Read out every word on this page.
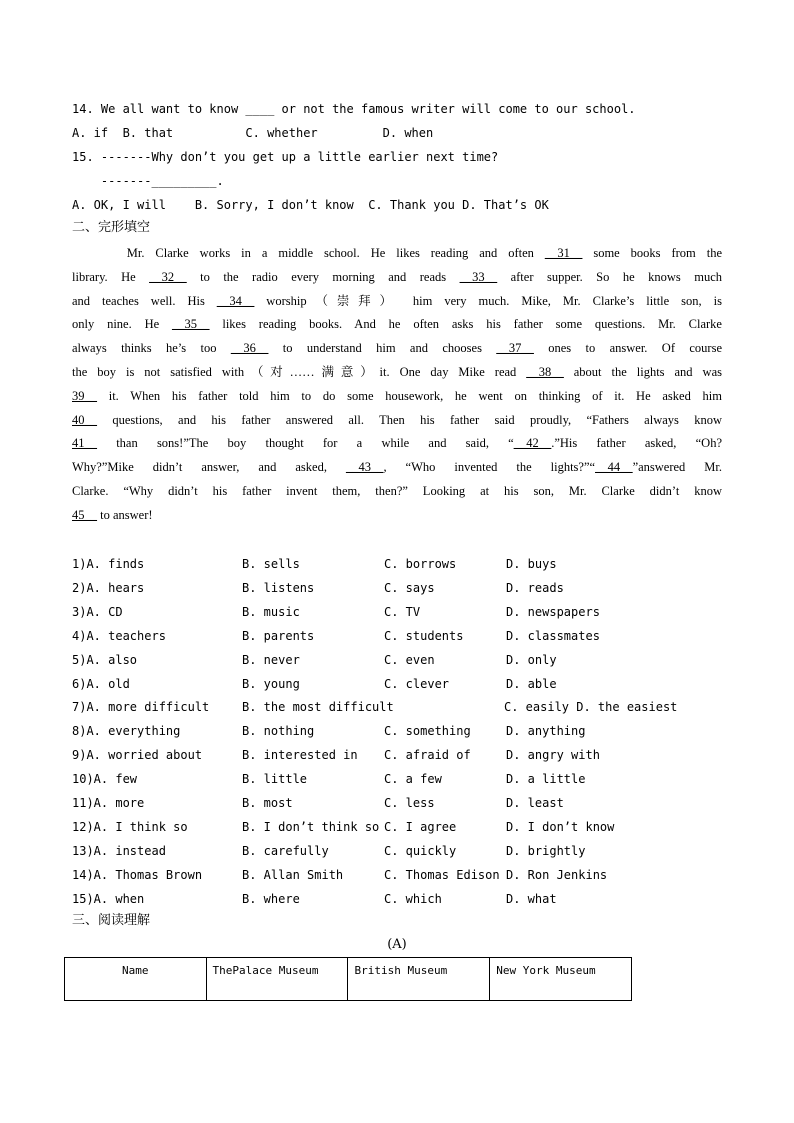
14. We all want to know ____ or not the famous writer will come to our school.
A. if  B. that          C. whether         D. when
15. -------Why don’t you get up a little earlier next time?
-------_________.
A. OK, I will    B. Sorry, I don’t know  C. Thank you D. That’s OK
二、完形填空
Mr. Clarke works in a middle school. He likes reading and often __31__ some books from the
library. He __32__ to the radio every morning and reads __33__ after supper. So he knows much
and teaches well. His __34__ worship（崇拜） him very much. Mike, Mr. Clarke’s little son, is
only nine. He __35__ likes reading books. And he often asks his father some questions. Mr. Clarke
always thinks he’s too __36__ to understand him and chooses __37__ ones to answer. Of course
the boy is not satisfied with（对……满意）it. One day Mike read __38__ about the lights and was
39__ it. When his father told him to do some housework, he went on thinking of it. He asked him
40__ questions, and his father answered all. Then his father said proudly, “Fathers always know
41__ than sons!”The boy thought for a while and said, “__42__.”His father asked, “Oh?
Why?”Mike didn’t answer, and asked, __43__, “Who invented the lights?”“__44__”answered Mr.
Clarke. “Why didn’t his father invent them, then?” Looking at his son, Mr. Clarke didn’t know
45__ to answer!
1)A. finds	B. sells	C. borrows	D. buys
2)A. hears	B. listens	C. says	D. reads
3)A. CD	B. music	C. TV	D. newspapers
4)A. teachers	B. parents	C. students	D. classmates
5)A. also	B. never	C. even	D. only
6)A. old	B. young	C. clever	D. able
7)A. more difficult	B. the most difficult	C. easily D. the easiest
8)A. everything	B. nothing	C. something	D. anything
9)A. worried about	B. interested in C. afraid of	D. angry with
10)A. few	B. little	C. a few	D. a little
11)A. more	B. most	C. less	D. least
12)A. I think so	B. I don’t think so C. I agree	D. I don’t know
13)A. instead	B. carefully	C. quickly	D. brightly
14)A. Thomas Brown	B. Allan Smith	C. Thomas Edison D. Ron Jenkins
15)A. when	B. where	C. which	D. what
三、阅读理解
(A)
Name	ThePalace Museum	British Museum	New York Museum
